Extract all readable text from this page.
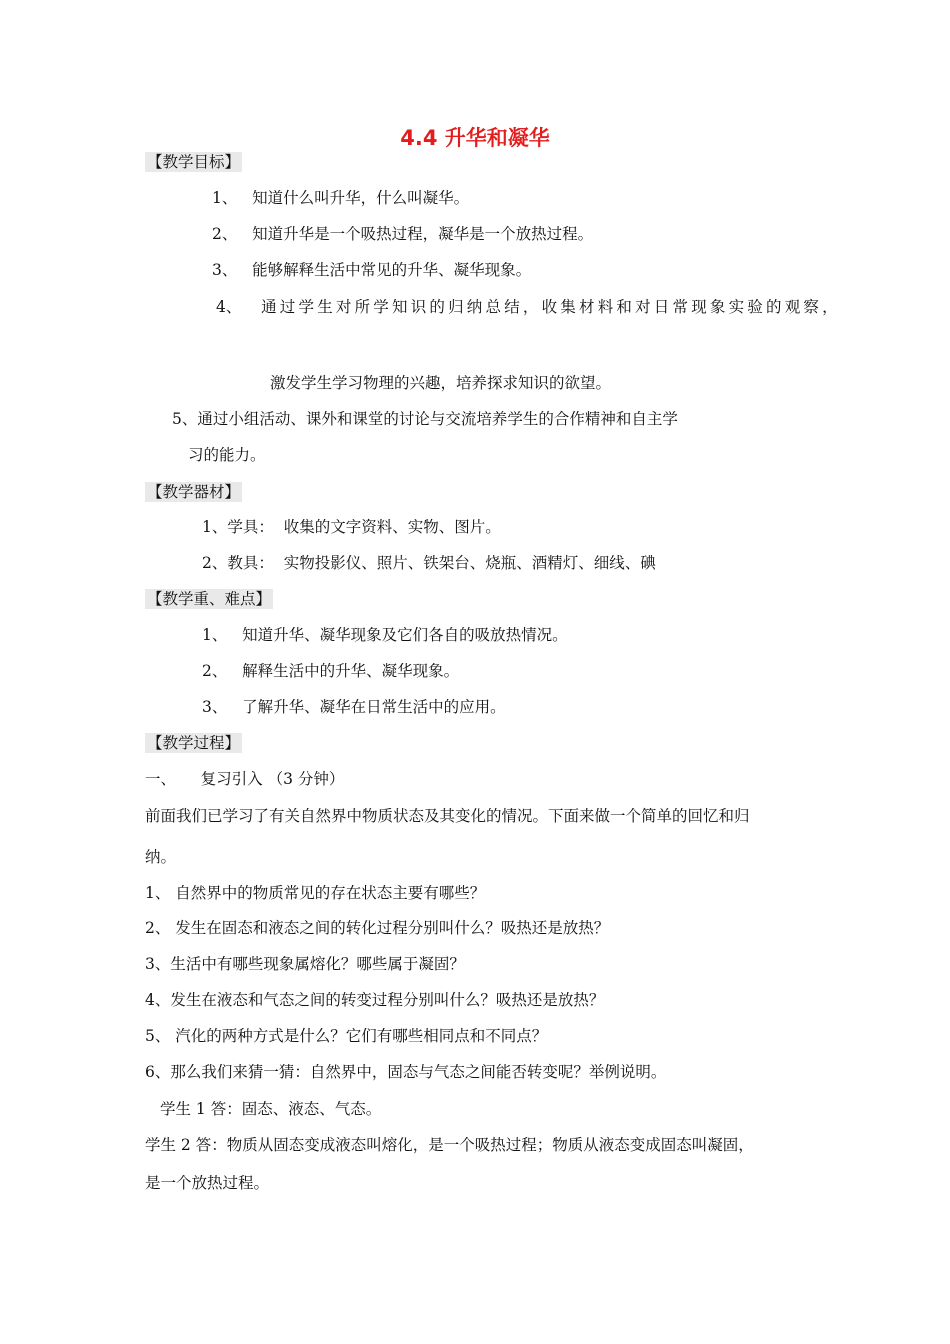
4.4 升华和凝华
【教学目标】
1、 知道什么叫升华，什么叫凝华。
2、 知道升华是一个吸热过程，凝华是一个放热过程。
3、 能够解释生活中常见的升华、凝华现象。
4、 通过学生对所学知识的归纳总结，收集材料和对日常现象实验的观察，
激发学生学习物理的兴趣，培养探求知识的欲望。
5、通过小组活动、课外和课堂的讨论与交流培养学生的合作精神和自主学
习的能力。
【教学器材】
1、学具： 收集的文字资料、实物、图片。
2、教具： 实物投影仪、照片、铁架台、烧瓶、酒精灯、细线、碘
【教学重、难点】
1、 知道升华、凝华现象及它们各自的吸放热情况。
2、 解释生活中的升华、凝华现象。
3、 了解升华、凝华在日常生活中的应用。
【教学过程】
一、 复习引入 （3 分钟）
前面我们已学习了有关自然界中物质状态及其变化的情况。下面来做一个简单的回忆和归
纳。
1、 自然界中的物质常见的存在状态主要有哪些？
2、 发生在固态和液态之间的转化过程分别叫什么？吸热还是放热？
3、生活中有哪些现象属熔化？哪些属于凝固？
4、发生在液态和气态之间的转变过程分别叫什么？吸热还是放热？
5、 汽化的两种方式是什么？它们有哪些相同点和不同点？
6、那么我们来猜一猜：自然界中，固态与气态之间能否转变呢？举例说明。
学生 1 答：固态、液态、气态。
学生 2 答：物质从固态变成液态叫熔化，是一个吸热过程；物质从液态变成固态叫凝固，
是一个放热过程。
